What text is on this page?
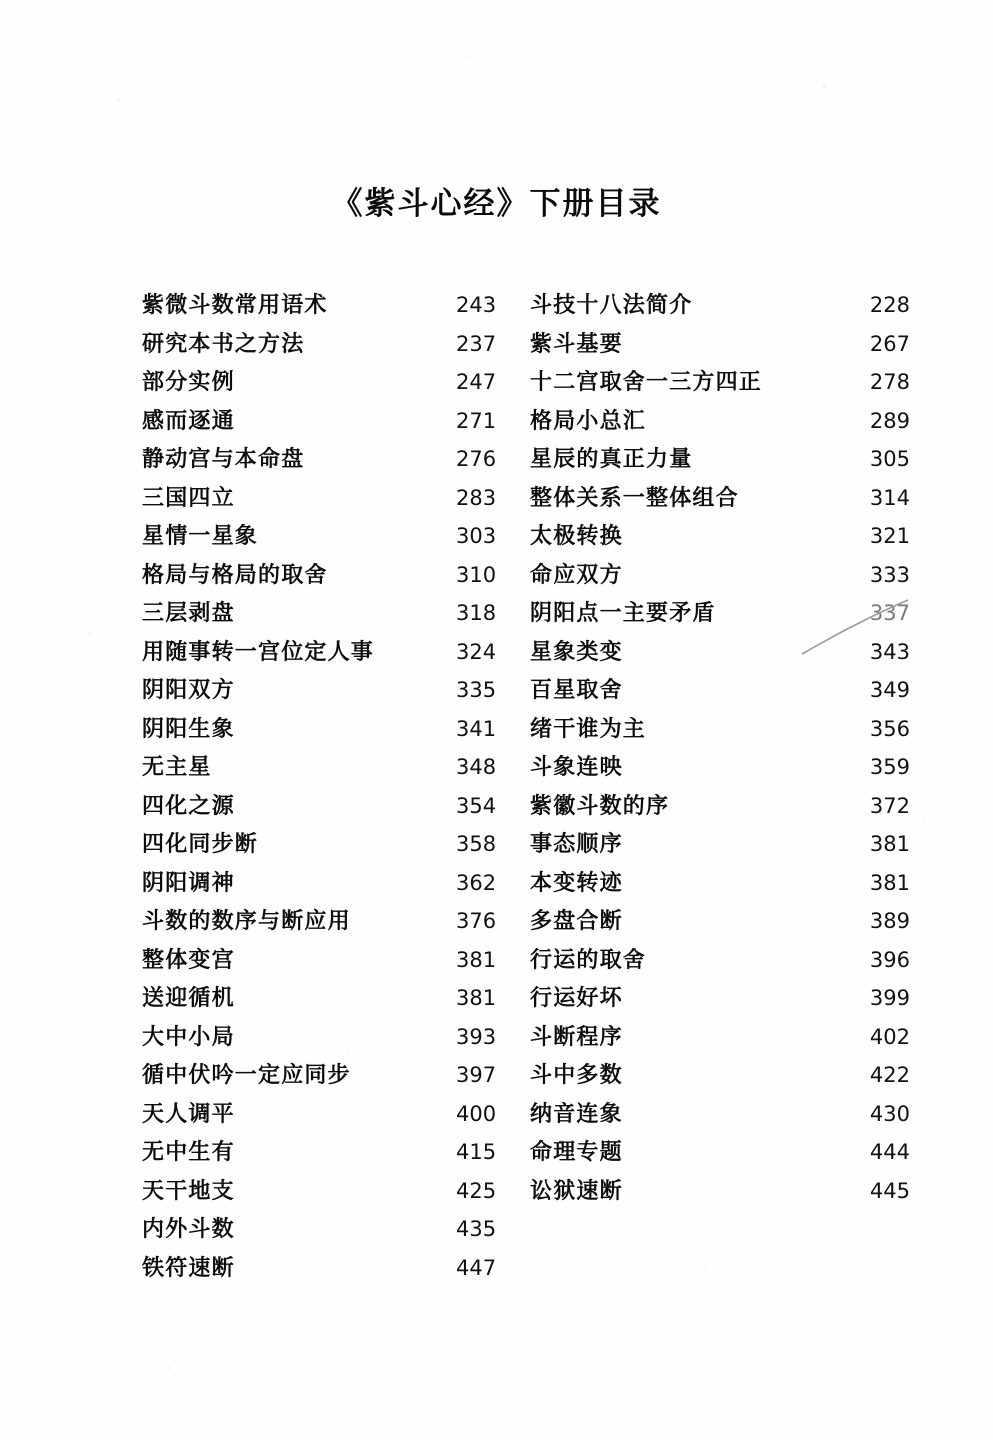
《紫斗心经》下册目录
紫微斗数常用语术	243
研究本书之方法	237
部分实例	247
感而逐通	271
静动宫与本命盘	276
三国四立	283
星情一星象	303
格局与格局的取舍	310
三层剥盘	318
用随事转一宫位定人事	324
阴阳双方	335
阴阳生象	341
无主星	348
四化之源	354
四化同步断	358
阴阳调神	362
斗数的数序与断应用	376
整体变宫	381
送迎循机	381
大中小局	393
循中伏吟一定应同步	397
天人调平	400
无中生有	415
天干地支	425
内外斗数	435
铁符速断	447
斗技十八法简介	228
紫斗基要	267
十二宫取舍一三方四正	278
格局小总汇	289
星辰的真正力量	305
整体关系一整体组合	314
太极转换	321
命应双方	333
阴阳点一主要矛盾	337
星象类变	343
百星取舍	349
绪干谁为主	356
斗象连映	359
紫徽斗数的序	372
事态顺序	381
本变转迹	381
多盘合断	389
行运的取舍	396
行运好坏	399
斗断程序	402
斗中多数	422
纳音连象	430
命理专题	444
讼狱速断	445
